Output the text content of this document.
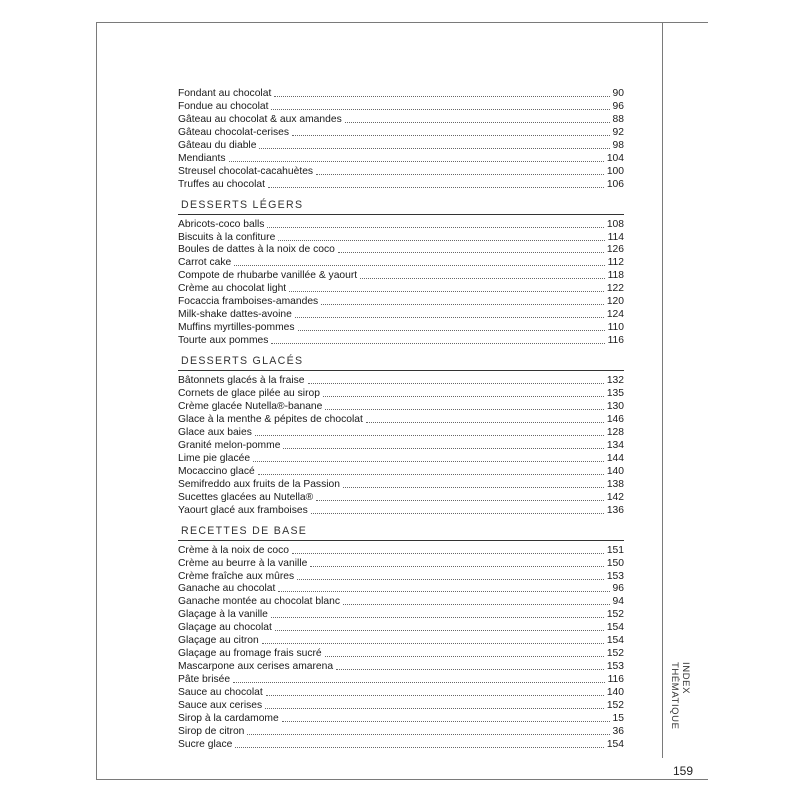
INDEX THÉMATIQUE
159
Fondant au chocolat	90
Fondue au chocolat	96
Gâteau au chocolat & aux amandes	88
Gâteau chocolat-cerises	92
Gâteau du diable	98
Mendiants	104
Streusel chocolat-cacahuètes	100
Truffes au chocolat	106
DESSERTS LÉGERS
Abricots-coco balls	108
Biscuits à la confiture	114
Boules de dattes à la noix de coco	126
Carrot cake	112
Compote de rhubarbe vanillée & yaourt	118
Crème au chocolat light	122
Focaccia framboises-amandes	120
Milk-shake dattes-avoine	124
Muffins myrtilles-pommes	110
Tourte aux pommes	116
DESSERTS GLACÉS
Bâtonnets glacés à la fraise	132
Cornets de glace pilée au sirop	135
Crème glacée Nutella®-banane	130
Glace à la menthe & pépites de chocolat	146
Glace aux baies	128
Granité melon-pomme	134
Lime pie glacée	144
Mocaccino glacé	140
Semifreddo aux fruits de la Passion	138
Sucettes glacées au Nutella®	142
Yaourt glacé aux framboises	136
RECETTES DE BASE
Crème à la noix de coco	151
Crème au beurre à la vanille	150
Crème fraîche aux mûres	153
Ganache au chocolat	96
Ganache montée au chocolat blanc	94
Glaçage à la vanille	152
Glaçage au chocolat	154
Glaçage au citron	154
Glaçage au fromage frais sucré	152
Mascarpone aux cerises amarena	153
Pâte brisée	116
Sauce au chocolat	140
Sauce aux cerises	152
Sirop à la cardamome	15
Sirop de citron	36
Sucre glace	154
